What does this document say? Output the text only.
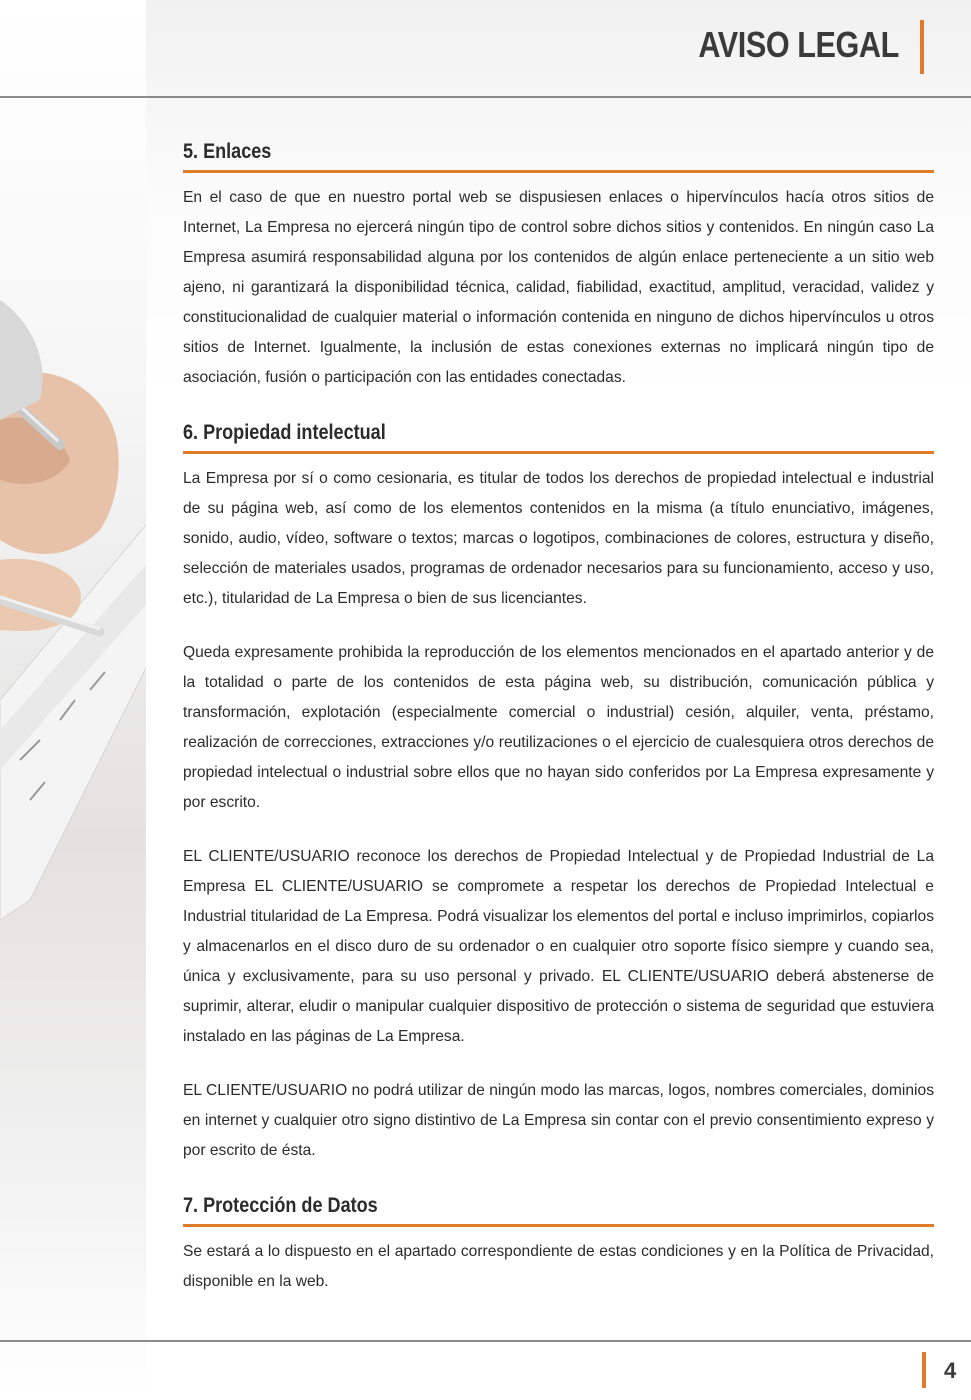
AVISO LEGAL
5. Enlaces

En el caso de que en nuestro portal web se dispusiesen enlaces o hipervínculos hacía otros sitios de Internet, La Empresa no ejercerá ningún tipo de control sobre dichos sitios y contenidos. En ningún caso La Empresa asumirá responsabilidad alguna por los contenidos de algún enlace perteneciente a un sitio web ajeno, ni garantizará la disponibilidad técnica, calidad, fiabilidad, exactitud, amplitud, veracidad, validez y constitucionalidad de cualquier material o información contenida en ninguno de dichos hipervínculos u otros sitios de Internet. Igualmente, la inclusión de estas conexiones externas no implicará ningún tipo de asociación, fusión o participación con las entidades conectadas.

6. Propiedad intelectual

La Empresa por sí o como cesionaria, es titular de todos los derechos de propiedad intelectual e industrial de su página web, así como de los elementos contenidos en la misma (a título enunciativo, imágenes, sonido, audio, vídeo, software o textos; marcas o logotipos, combinaciones de colores, estructura y diseño, selección de materiales usados, programas de ordenador necesarios para su funcionamiento, acceso y uso, etc.), titularidad de La Empresa o bien de sus licenciantes.

Queda expresamente prohibida la reproducción de los elementos mencionados en el apartado anterior y de la totalidad o parte de los contenidos de esta página web, su distribución, comunicación pública y transformación, explotación (especialmente comercial o industrial) cesión, alquiler, venta, préstamo, realización de correcciones, extracciones y/o reutilizaciones o el ejercicio de cualesquiera otros derechos de propiedad intelectual o industrial sobre ellos que no hayan sido conferidos por La Empresa expresamente y por escrito.

EL CLIENTE/USUARIO reconoce los derechos de Propiedad Intelectual y de Propiedad Industrial de La Empresa EL CLIENTE/USUARIO se compromete a respetar los derechos de Propiedad Intelectual e Industrial titularidad de La Empresa. Podrá visualizar los elementos del portal e incluso imprimirlos, copiarlos y almacenarlos en el disco duro de su ordenador o en cualquier otro soporte físico siempre y cuando sea, única y exclusivamente, para su uso personal y privado. EL CLIENTE/USUARIO deberá abstenerse de suprimir, alterar, eludir o manipular cualquier dispositivo de protección o sistema de seguridad que estuviera instalado en las páginas de La Empresa.

EL CLIENTE/USUARIO no podrá utilizar de ningún modo las marcas, logos, nombres comerciales, dominios en internet y cualquier otro signo distintivo de La Empresa sin contar con el previo consentimiento expreso y por escrito de ésta.

7. Protección de Datos

Se estará a lo dispuesto en el apartado correspondiente de estas condiciones y en la Política de Privacidad, disponible en la web.

4
